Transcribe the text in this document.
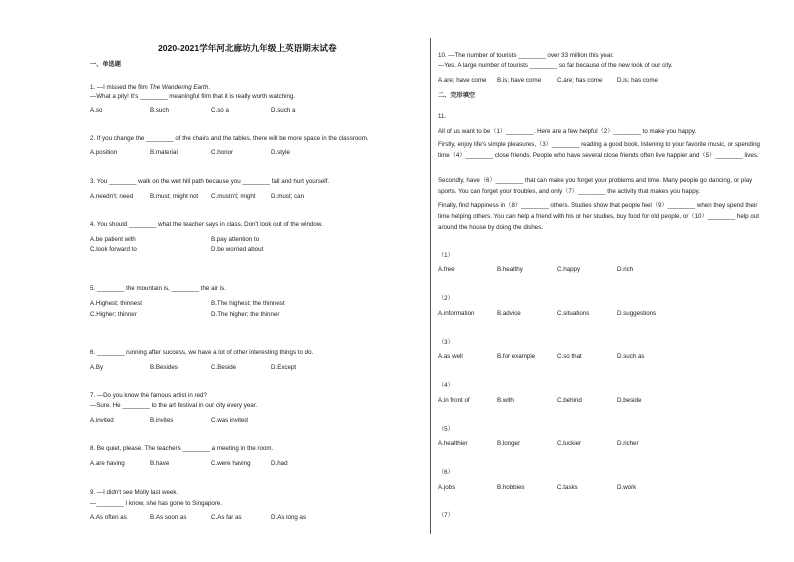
2020-2021学年河北廊坊九年级上英语期末试卷
一、单选题
1. —I missed the film The Wandering Earth.
—What a pity! It's ________ meaningful film that it is really worth watching.
A.so	B.such	C.so a	D.such a
2. If you change the ________ of the chairs and the tables, there will be more space in the classroom.
A.position	B.material	C.honor	D.style
3. You ________ walk on the wet hill path because you ________ fall and hurt yourself.
A.needn't; need	B.must; might not C.mustn't; might D.must; can
4. You should ________ what the teacher says in class. Don't look out of the window.
A.be patient with	B.pay attention to
C.look forward to	D.be worried about
5. ________ the mountain is, ________ the air is.
A.Highest; thinnest	B.The highest; the thinnest
C.Higher; thinner	D.The higher; the thinner
6. ________ running after success, we have a lot of other interesting things to do.
A.By	B.Besides	C.Beside	D.Except
7. —Do you know the famous artist in red?
—Sure. He ________ to the art festival in our city every year.
A.invited	B.invites	C.was invited
8. Be quiet, please. The teachers ________ a meeting in the room.
A.are having	B.have	C.were having	D.had
9. —I didn't see Molly last week.
—________ I know, she has gone to Singapore.
A.As often as	B.As soon as	C.As far as	D.As long as
10. —The number of tourists ________ over 33 million this year.
—Yes. A large number of tourists ________ so far because of the new look of our city.
A.are; have come B.is; have come	C.are; has come D.is; has come
二、完形填空
11.
All of us want to be（1）________. Here are a few helpful（2）________ to make you happy.
Firstly, enjoy life's simple pleasures,（3）________ reading a good book, listening to your favorite music, or spending time（4）________ close friends. People who have several close friends often live happier and（5）________ lives.
Secondly, have（6）________ that can make you forget your problems and time. Many people go dancing, or play sports. You can forget your troubles, and only（7）________ the activity that makes you happy.
Finally, find happiness in（8）________ others. Studies show that people feel（9）________ when they spend their time helping others. You can help a friend with his or her studies, buy food for old people, or（10）________ help out around the house by doing the dishes.
（1）
A.free	B.healthy	C.happy	D.rich
（2）
A.information	B.advice	C.situations	D.suggestions
（3）
A.as well	B.for example	C.so that	D.such as
（4）
A.in front of	B.with	C.behind	D.beside
（5）
A.healthier	B.longer	C.luckier	D.richer
（6）
A.jobs	B.hobbies	C.tasks	D.work
（7）
